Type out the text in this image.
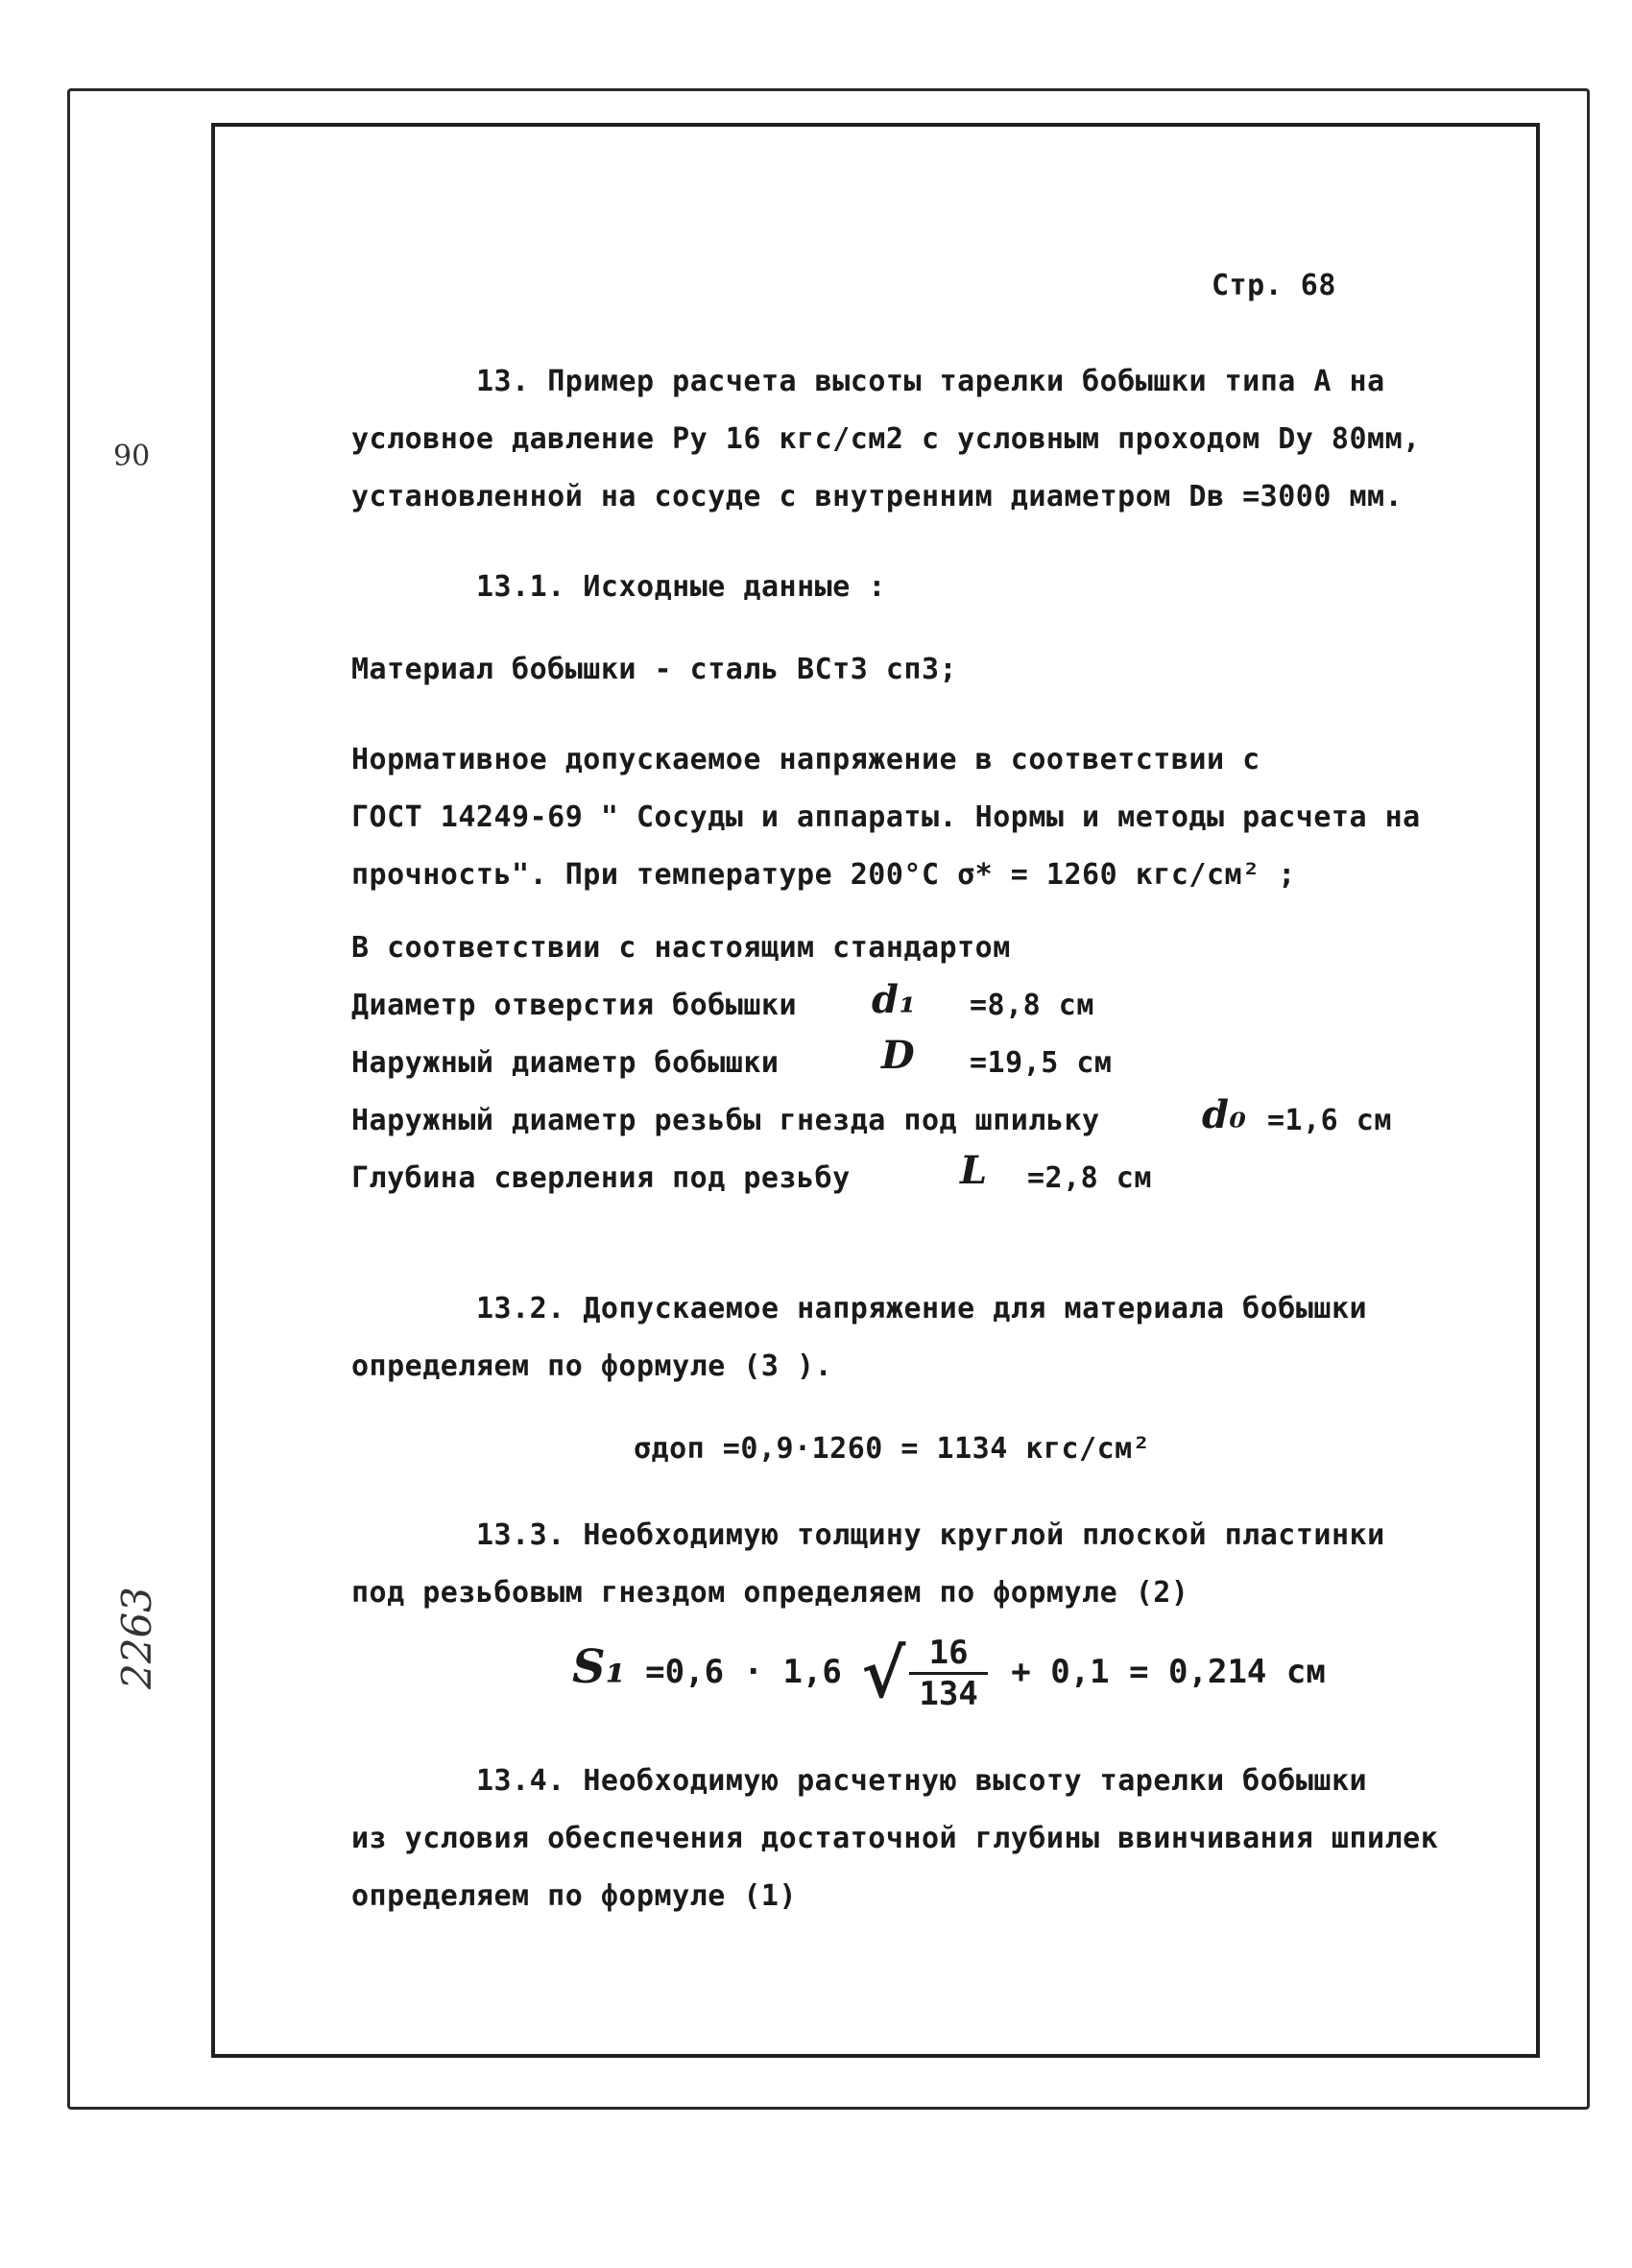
90
2263
Стр. 68
13. Пример расчета высоты тарелки бобышки типа А на
условное давление Py 16 кгс/см2 с условным проходом Dy 80мм,
установленной на сосуде с внутренним диаметром Dв =3000 мм.
13.1. Исходные данные :
Материал бобышки - сталь ВСт3 сп3;
Нормативное допускаемое напряжение в соответствии с
ГОСТ 14249-69 " Сосуды и аппараты. Нормы и методы расчета на
прочность". При температуре 200°С σ* = 1260 кгс/см² ;
В соответствии с настоящим стандартом
Диаметр отверстия бобышки d₁ =8,8 см
Наружный диаметр бобышки	D =19,5 см
Наружный диаметр резьбы гнезда под шпильку	d₀ =1,6 см
Глубина сверления под резьбу	L =2,8 см
13.2. Допускаемое напряжение для материала бобышки
определяем по формуле (3 ).
σдоп =0,9·1260 = 1134 кгс/см²
13.3. Необходимую толщину круглой плоской пластинки
под резьбовым гнездом определяем по формуле (2)
S₁ =0,6 · 1,6 √ $\frac{16}{134} + 0,1 = 0,214$ см
13.4. Необходимую расчетную высоту тарелки бобышки
из условия обеспечения достаточной глубины ввинчивания шпилек
определяем по формуле (1)
